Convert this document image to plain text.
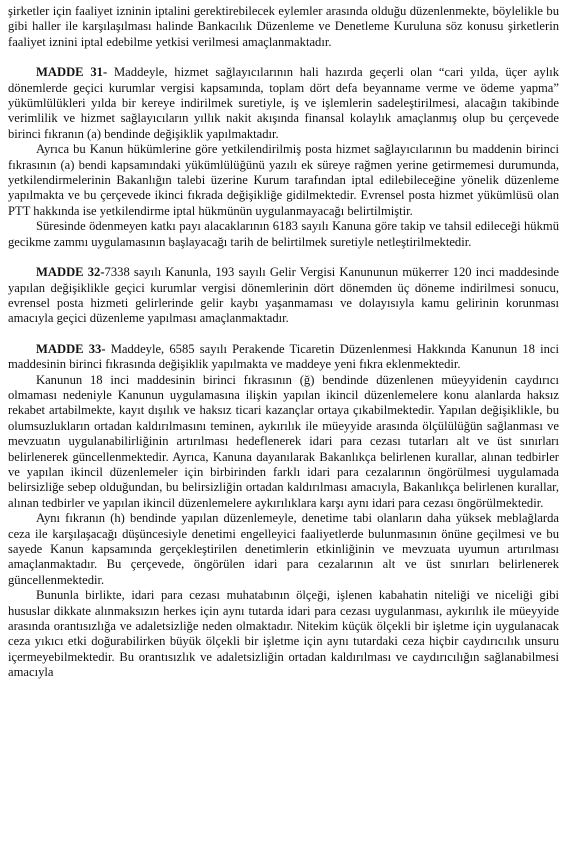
şirketler için faaliyet izninin iptalini gerektirebilecek eylemler arasında olduğu düzenlenmekte, böylelikle bu gibi haller ile karşılaşılması halinde Bankacılık Düzenleme ve Denetleme Kuruluna söz konusu şirketlerin faaliyet iznini iptal edebilme yetkisi verilmesi amaçlanmaktadır.

MADDE 31- Maddeyle, hizmet sağlayıcılarının hali hazırda geçerli olan “cari yılda, üçer aylık dönemlerde geçici kurumlar vergisi kapsamında, toplam dört defa beyanname verme ve ödeme yapma” yükümlülükleri yılda bir kereye indirilmek suretiyle, iş ve işlemlerin sadeleştirilmesi, alacağın takibinde verimlilik ve hizmet sağlayıcıların yıllık nakit akışında finansal kolaylık amaçlanmış olup bu çerçevede birinci fıkranın (a) bendinde değişiklik yapılmaktadır.

Ayrıca bu Kanun hükümlerine göre yetkilendirilmiş posta hizmet sağlayıcılarının bu maddenin birinci fıkrasının (a) bendi kapsamındaki yükümlülüğünü yazılı ek süreye rağmen yerine getirmemesi durumunda, yetkilendirmelerinin Bakanlığın talebi üzerine Kurum tarafından iptal edilebileceğine yönelik düzenleme yapılmakta ve bu çerçevede ikinci fıkrada değişikliğe gidilmektedir. Evrensel posta hizmet yükümlüsü olan PTT hakkında ise yetkilendirme iptal hükmünün uygulanmayacağı belirtilmiştir.

Süresinde ödenmeyen katkı payı alacaklarının 6183 sayılı Kanuna göre takip ve tahsil edileceği hükmü gecikme zammı uygulamasının başlayacağı tarih de belirtilmek suretiyle netleştirilmektedir.

MADDE 32-7338 sayılı Kanunla, 193 sayılı Gelir Vergisi Kanununun mükerrer 120 inci maddesinde yapılan değişiklikle geçici kurumlar vergisi dönemlerinin dört dönemden üç döneme indirilmesi sonucu, evrensel posta hizmeti gelirlerinde gelir kaybı yaşanmaması ve dolayısıyla kamu gelirinin korunması amacıyla geçici düzenleme yapılması amaçlanmaktadır.

MADDE 33- Maddeyle, 6585 sayılı Perakende Ticaretin Düzenlenmesi Hakkında Kanunun 18 inci maddesinin birinci fıkrasında değişiklik yapılmakta ve maddeye yeni fıkra eklenmektedir.

Kanunun 18 inci maddesinin birinci fıkrasının (ğ) bendinde düzenlenen müeyyidenin caydırıcı olmaması nedeniyle Kanunun uygulamasına ilişkin yapılan ikincil düzenlemelere konu alanlarda haksız rekabet artabilmekte, kayıt dışılık ve haksız ticari kazançlar ortaya çıkabilmektedir. Yapılan değişiklikle, bu olumsuzlukların ortadan kaldırılmasını teminen, aykırılık ile müeyyide arasında ölçülülüğün sağlanması ve mevzuatın uygulanabilirliğinin artırılması hedeflenerek idari para cezası tutarları alt ve üst sınırları belirlenerek güncellenmektedir. Ayrıca, Kanuna dayanılarak Bakanlıkça belirlenen kurallar, alınan tedbirler ve yapılan ikincil düzenlemeler için birbirinden farklı idari para cezalarının öngörülmesi uygulamada belirsizliğe sebep olduğundan, bu belirsizliğin ortadan kaldırılması amacıyla, Bakanlıkça belirlenen kurallar, alınan tedbirler ve yapılan ikincil düzenlemelere aykırılıklara karşı aynı idari para cezası öngörülmektedir.

Aynı fıkranın (h) bendinde yapılan düzenlemeyle, denetime tabi olanların daha yüksek meblağlarda ceza ile karşılaşacağı düşüncesiyle denetimi engelleyici faaliyetlerde bulunmasının önüne geçilmesi ve bu sayede Kanun kapsamında gerçekleştirilen denetimlerin etkinliğinin ve mevzuata uyumun artırılması amaçlanmaktadır. Bu çerçevede, öngörülen idari para cezalarının alt ve üst sınırları belirlenerek güncellenmektedir.

Bununla birlikte, idari para cezası muhatabının ölçeği, işlenen kabahatin niteliği ve niceliği gibi hususlar dikkate alınmaksızın herkes için aynı tutarda idari para cezası uygulanması, aykırılık ile müeyyide arasında orantısızlığa ve adaletsizliğe neden olmaktadır. Nitekim küçük ölçekli bir işletme için uygulanacak ceza yıkıcı etki doğurabilirken büyük ölçekli bir işletme için aynı tutardaki ceza hiçbir caydırıcılık unsuru içermeyebilmektedir. Bu orantısızlık ve adaletsizliğin ortadan kaldırılması ve caydırıcılığın sağlanabilmesi amacıyla
